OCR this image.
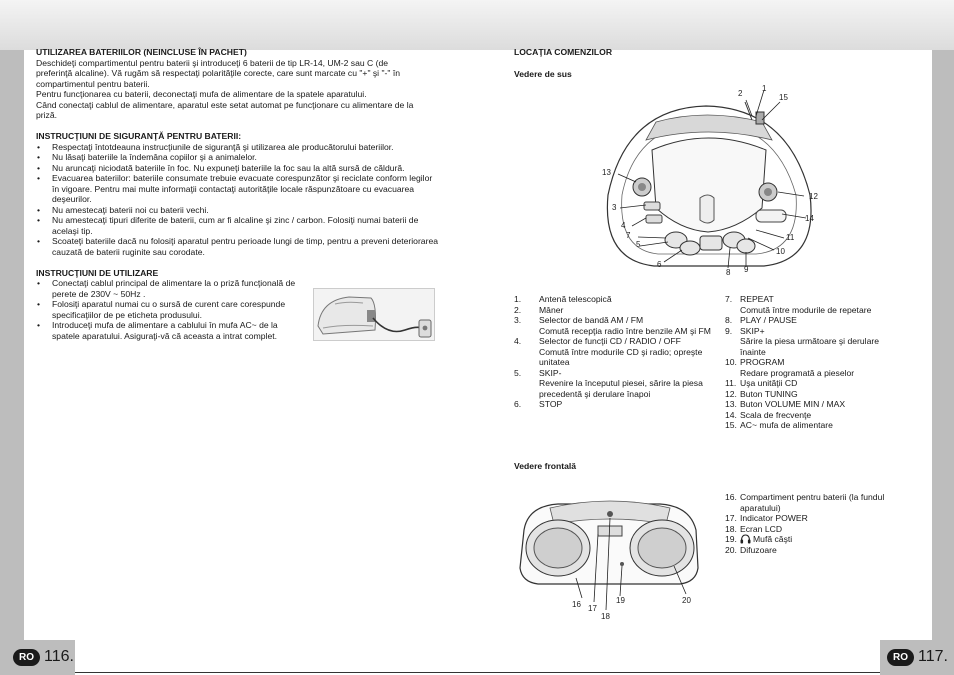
RO 116.	RO 117.

UTILIZAREA BATERIILOR (NEINCLUSE ÎN PACHET)

Deschideţi compartimentul pentru baterii şi introduceţi 6 baterii de tip LR-14, UM-2 sau C (de

preferinţă alcaline). Vă rugăm să respectaţi polarităţile corecte, care sunt marcate cu "+" şi "-" în

compartimentul pentru baterii.

Pentru funcţionarea cu baterii, deconectaţi mufa de alimentare de la spatele aparatului.

Când conectaţi cablul de alimentare, aparatul este setat automat pe funcţionare cu alimentare de la

priză.

INSTRUCŢIUNI DE SIGURANŢĂ PENTRU BATERII:

• Respectaţi întotdeauna instrucţiunile de siguranţă şi utilizarea ale producătorului bateriilor.
• Nu lăsaţi bateriile la îndemâna copiilor şi a animalelor.
• Nu aruncaţi niciodată bateriile în foc. Nu expuneţi bateriile la foc sau la altă sursă de căldură.
• Evacuarea bateriilor: bateriile consumate trebuie evacuate corespunzător şi reciclate conform legilor în vigoare. Pentru mai multe informaţii contactaţi autorităţile locale răspunzătoare cu evacuarea deşeurilor.
• Nu amestecaţi baterii noi cu baterii vechi.
• Nu amestecaţi tipuri diferite de baterii, cum ar fi alcaline şi zinc / carbon. Folosiţi numai baterii de acelaşi tip.
• Scoateţi bateriile dacă nu folosiţi aparatul pentru perioade lungi de timp, pentru a preveni deteriorarea cauzată de baterii ruginite sau corodate.

INSTRUCŢIUNI DE UTILIZARE

• Conectaţi cablul principal de alimentare la o priză funcţională de perete de 230V ~ 50Hz .
• Folosiţi aparatul numai cu o sursă de curent care corespunde specificaţiilor de pe eticheta produsului.
• Introduceţi mufa de alimentare a cablului în mufa AC~ de la spatele aparatului. Asiguraţi-vă că aceasta a intrat complet.

LOCAŢIA COMENZILOR

Vedere de sus

2
1
15
13
3
4
7
5
6
8 9
10
11
12
14
1.	Antenă telescopică
2.	Mâner
3.	Selector de bandă AM / FM
Comută recepţia radio între benzile AM şi FM
4.	Selector de funcţii CD / RADIO / OFF
Comută între modurile CD şi radio; opreşte unitatea
5.	SKIP-
Revenire la începutul piesei, sărire la piesa precedentă şi derulare înapoi
6.	STOP
7. REPEAT
Comută între modurile de repetare
8. PLAY / PAUSE
9. SKIP+
Sărire la piesa următoare şi derulare înainte
10. PROGRAM
Redare programată a pieselor
11. Uşa unităţii CD
12. Buton TUNING
13. Buton VOLUME MIN / MAX
14. Scala de frecvenţe
15. AC~ mufa de alimentare

Vedere frontală

16 17
18
19	20
16. Compartiment pentru baterii (la fundul aparatului)
17. Indicator POWER
18. Ecran LCD
19.	Mufă căşti
20. Difuzoare
